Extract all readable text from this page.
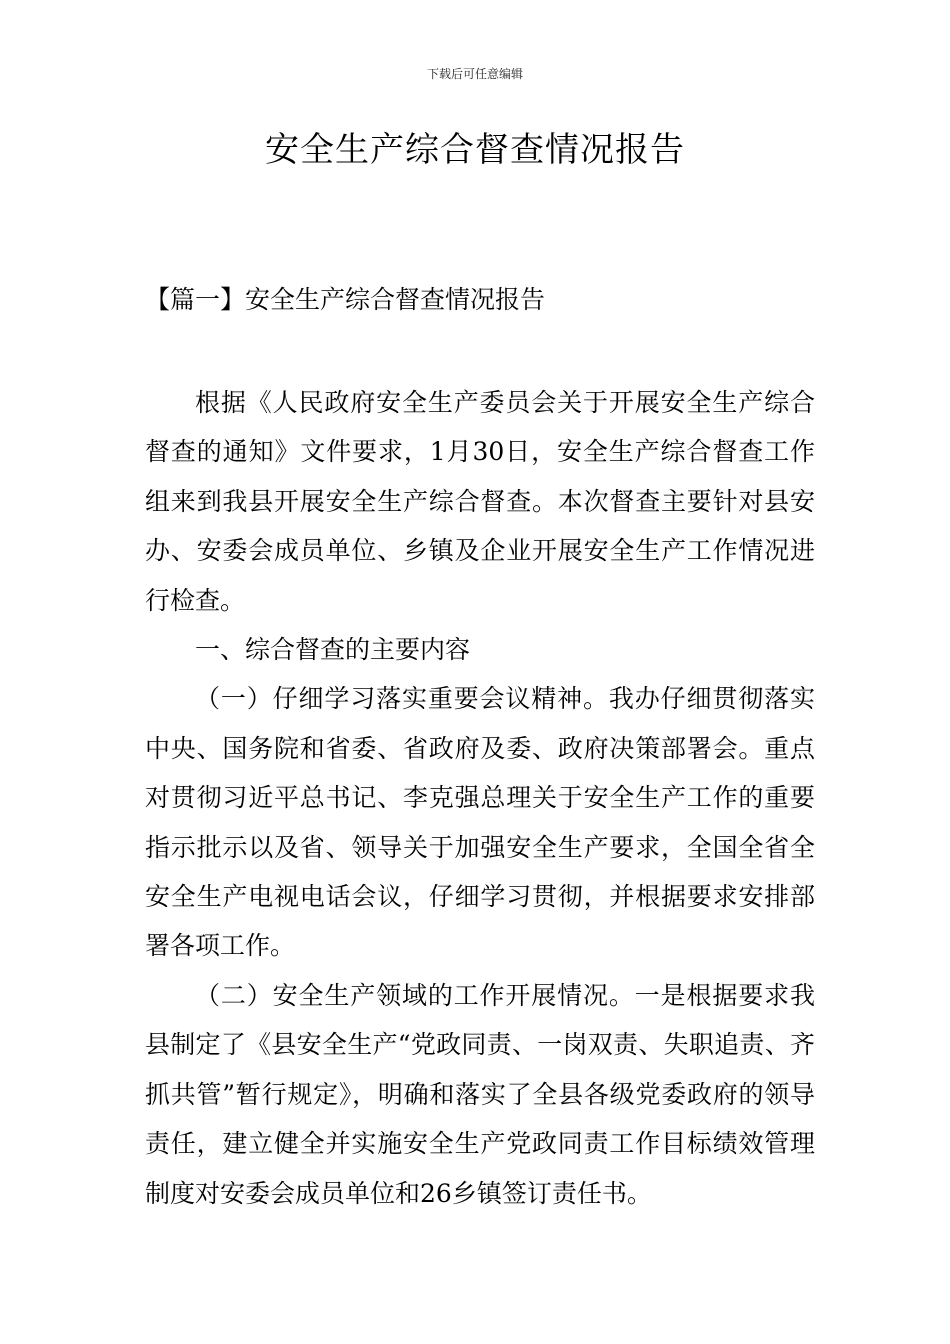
下载后可任意编辑
安全生产综合督查情况报告
【篇一】安全生产综合督查情况报告

根据《人民政府安全生产委员会关于开展安全生产综合督查的通知》文件要求，1月30日，安全生产综合督查工作组来到我县开展安全生产综合督查。本次督查主要针对县安办、安委会成员单位、乡镇及企业开展安全生产工作情况进行检查。

一、综合督查的主要内容

（一）仔细学习落实重要会议精神。我办仔细贯彻落实中央、国务院和省委、省政府及委、政府决策部署会。重点对贯彻习近平总书记、李克强总理关于安全生产工作的重要指示批示以及省、领导关于加强安全生产要求，全国全省全安全生产电视电话会议，仔细学习贯彻，并根据要求安排部署各项工作。

（二）安全生产领域的工作开展情况。一是根据要求我县制定了《县安全生产“党政同责、一岗双责、失职追责、齐抓共管”暂行规定》，明确和落实了全县各级党委政府的领导责任，建立健全并实施安全生产党政同责工作目标绩效管理制度对安委会成员单位和26乡镇签订责任书。
